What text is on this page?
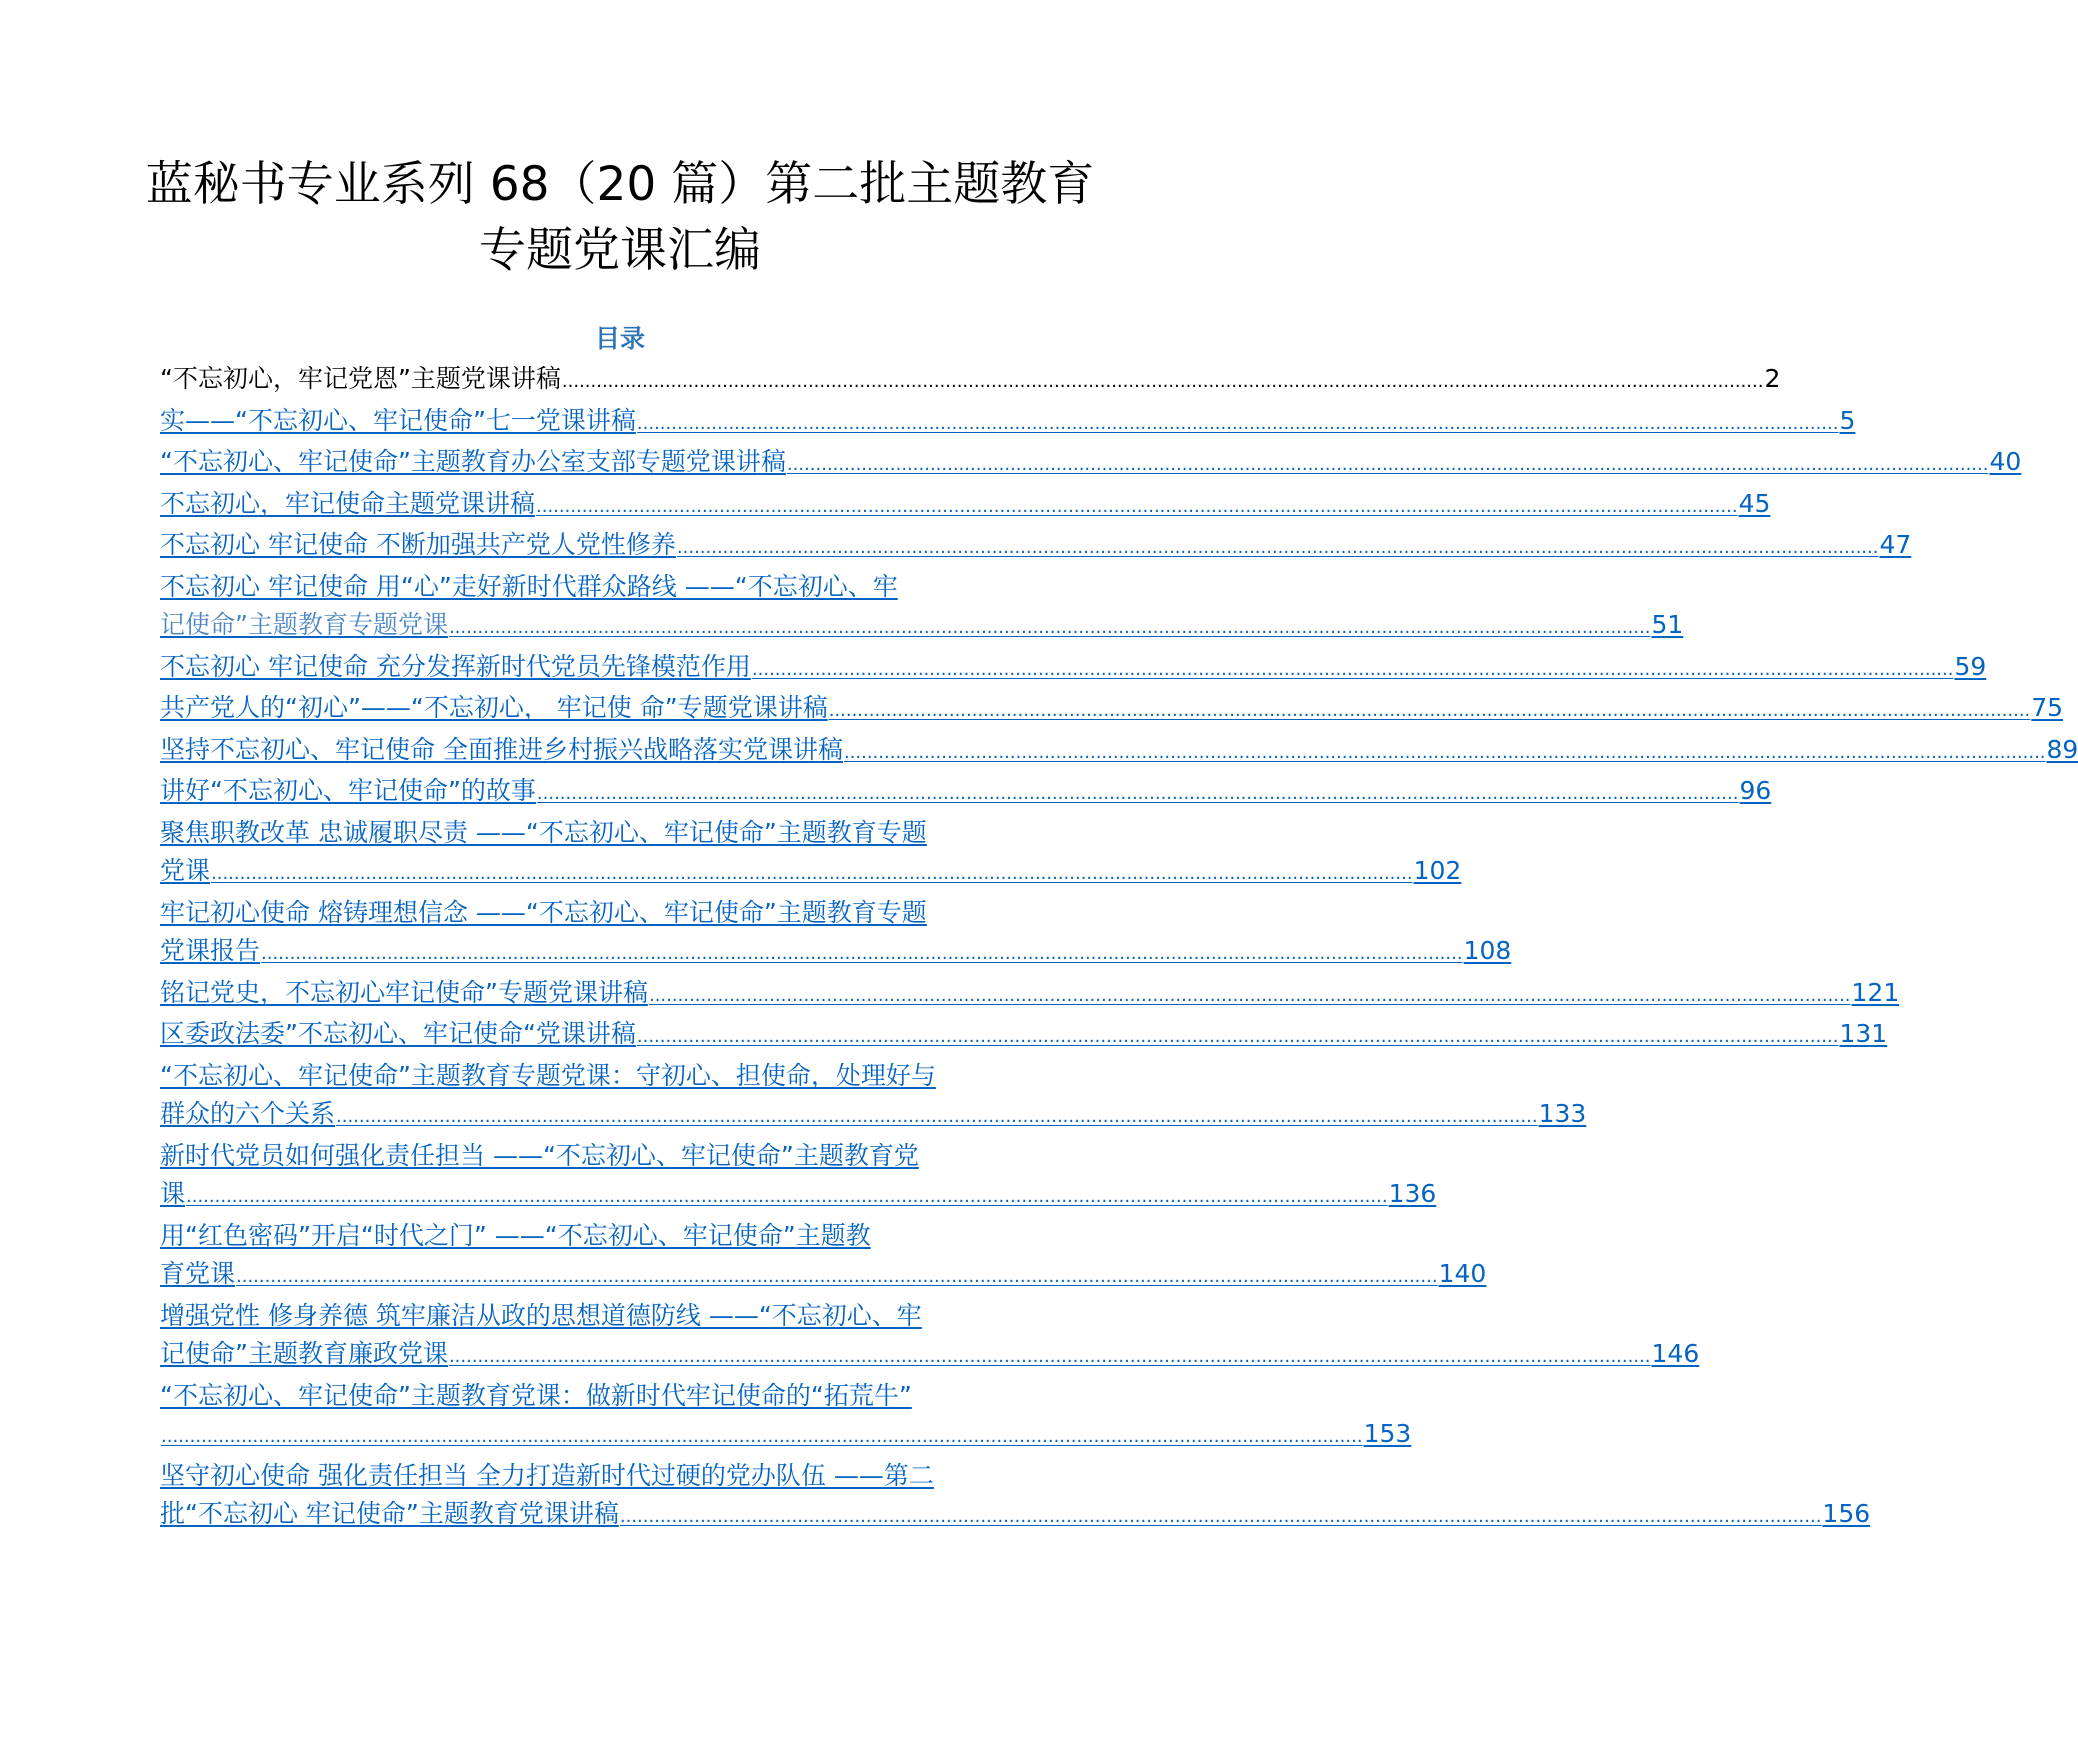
蓝秘书专业系列 68（20 篇）第二批主题教育
专题党课汇编
目录
“不忘初心，牢记党恩”主题党课讲稿 .................................................................................................................................................................................................................. 2
实——“不忘初心、牢记使命”七一党课讲稿 .................................................................................................................................................................................................................. 5
“不忘初心、牢记使命”主题教育办公室支部专题党课讲稿 .................................................................................................................................................................................................................. 40
不忘初心，牢记使命主题党课讲稿 .................................................................................................................................................................................................................. 45
不忘初心 牢记使命 不断加强共产党人党性修养 .................................................................................................................................................................................................................. 47
不忘初心 牢记使命 用“心”走好新时代群众路线 ——“不忘初心、牢
记使命”主题教育专题党课 .................................................................................................................................................................................................................. 51
不忘初心 牢记使命 充分发挥新时代党员先锋模范作用 .................................................................................................................................................................................................................. 59
共产党人的“初心”——“不忘初心， 牢记使 命”专题党课讲稿 .................................................................................................................................................................................................................. 75
坚持不忘初心、牢记使命 全面推进乡村振兴战略落实党课讲稿 .................................................................................................................................................................................................................. 89
讲好“不忘初心、牢记使命”的故事 .................................................................................................................................................................................................................. 96
聚焦职教改革 忠诚履职尽责 ——“不忘初心、牢记使命”主题教育专题
党课 .................................................................................................................................................................................................................. 102
牢记初心使命 熔铸理想信念 ——“不忘初心、牢记使命”主题教育专题
党课报告 .................................................................................................................................................................................................................. 108
铭记党史，不忘初心牢记使命”专题党课讲稿 .................................................................................................................................................................................................................. 121
区委政法委”不忘初心、牢记使命“党课讲稿 .................................................................................................................................................................................................................. 131
“不忘初心、牢记使命”主题教育专题党课：守初心、担使命，处理好与
群众的六个关系 .................................................................................................................................................................................................................. 133
新时代党员如何强化责任担当 ——“不忘初心、牢记使命”主题教育党
课 .................................................................................................................................................................................................................. 136
用“红色密码”开启“时代之门” ——“不忘初心、牢记使命”主题教
育党课 .................................................................................................................................................................................................................. 140
增强党性 修身养德 筑牢廉洁从政的思想道德防线 ——“不忘初心、牢
记使命”主题教育廉政党课 .................................................................................................................................................................................................................. 146
“不忘初心、牢记使命”主题教育党课：做新时代牢记使命的“拓荒牛”
.................................................................................................................................................................................................................. 153
坚守初心使命 强化责任担当 全力打造新时代过硬的党办队伍 ——第二
批“不忘初心 牢记使命”主题教育党课讲稿 .................................................................................................................................................................................................................. 156
